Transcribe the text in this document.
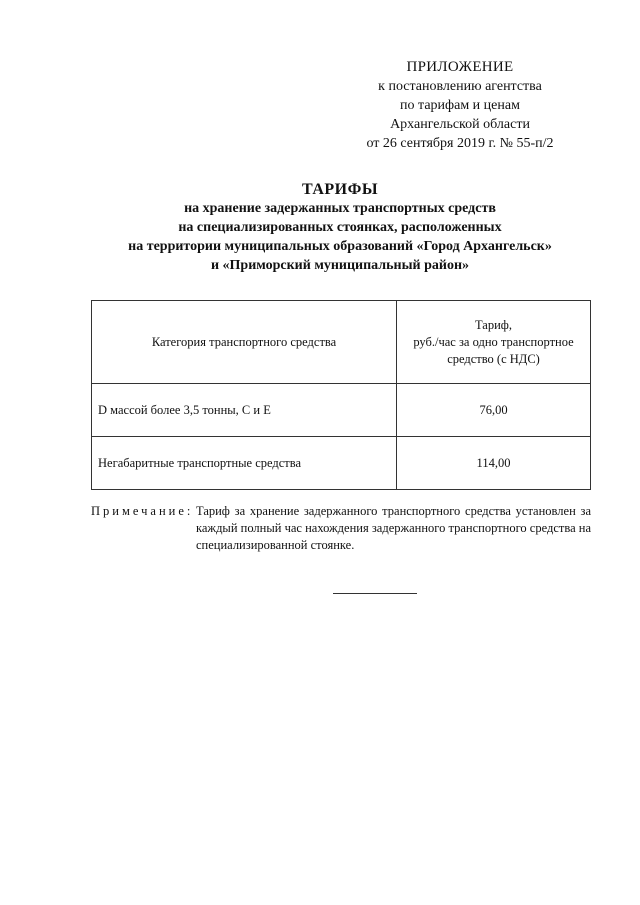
ПРИЛОЖЕНИЕ
к постановлению агентства
по тарифам и ценам
Архангельской области
от 26 сентября 2019 г. № 55-п/2
ТАРИФЫ
на хранение задержанных транспортных средств
на специализированных стоянках, расположенных
на территории муниципальных образований «Город Архангельск»
и «Приморский муниципальный район»
Категория транспортного средства	Тариф,
руб./час за одно транспортное
средство (с НДС)

D массой более 3,5 тонны, C и E	76,00
Негабаритные транспортные средства	114,00
Примечание: Тариф за хранение задержанного транспортного средства установлен за каждый полный час нахождения задержанного транспортного средства на специализированной стоянке.
